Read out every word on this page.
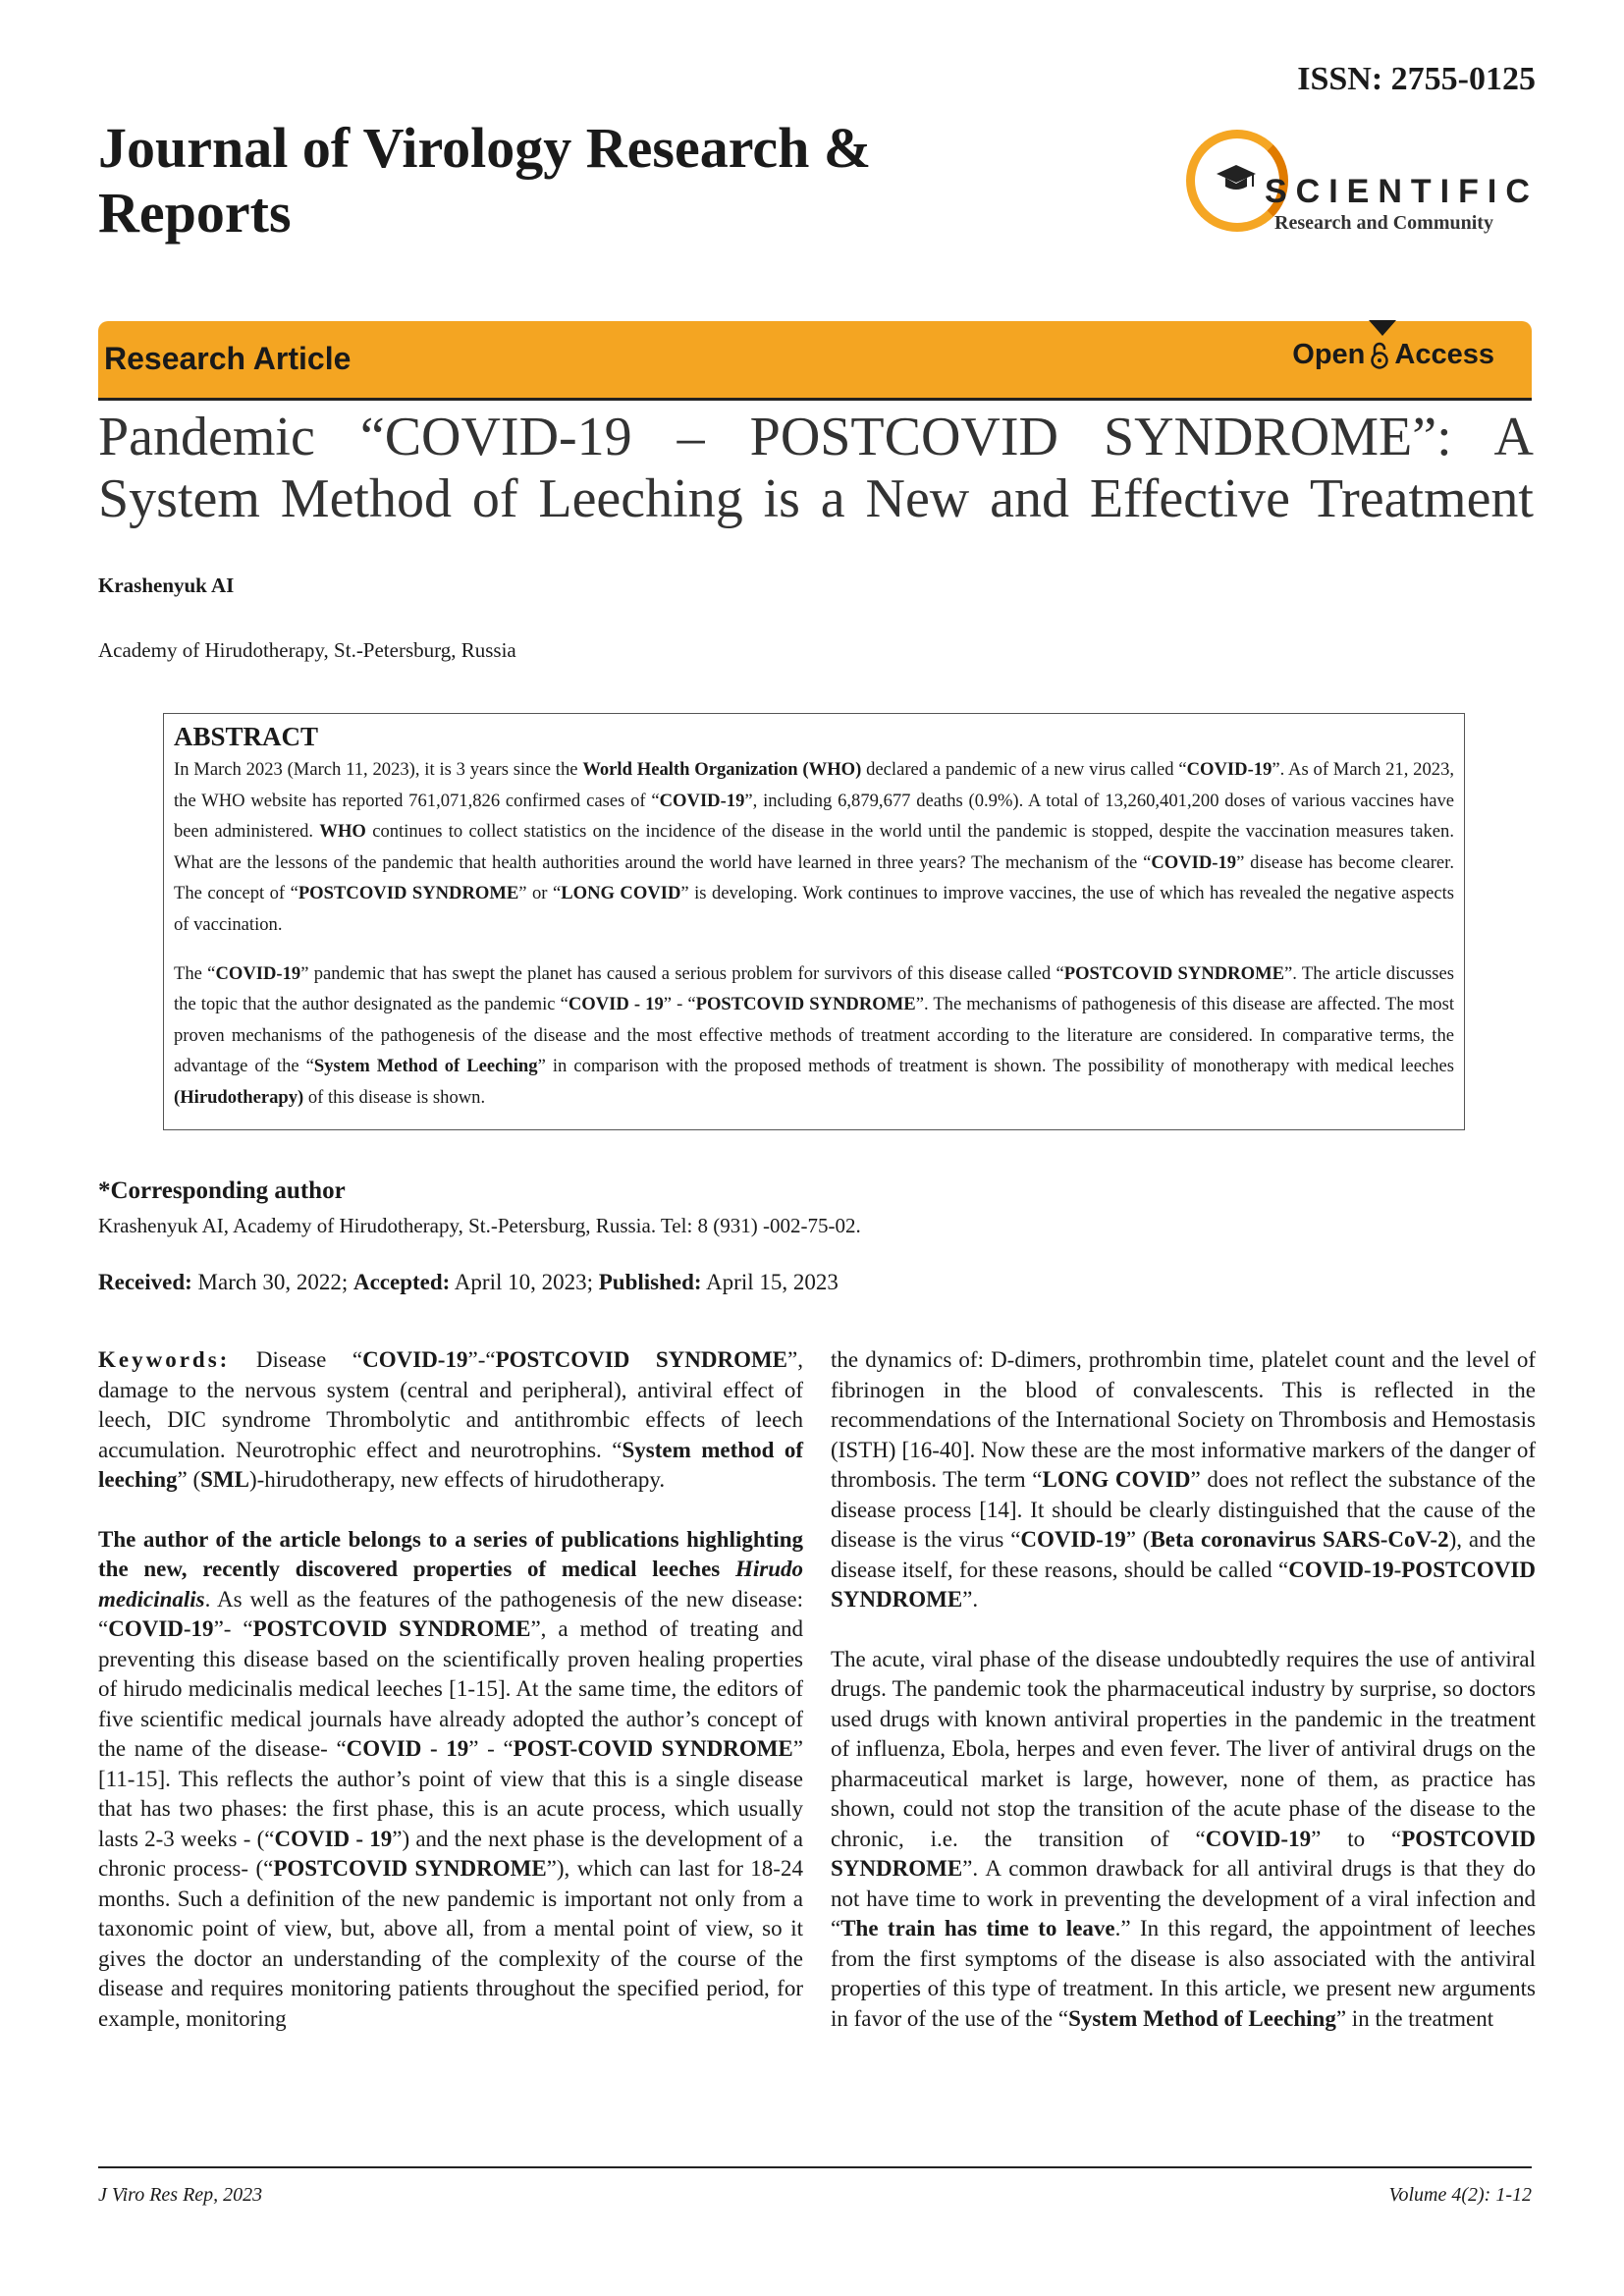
ISSN: 2755-0125
Journal of Virology Research & Reports	SCIENTIFIC
Research and Community
Research Article	Open Access
Pandemic “COVID-19 – POSTCOVID SYNDROME”: A System Method of Leeching is a New and Effective Treatment
Krashenyuk AI
Academy of Hirudotherapy, St.-Petersburg, Russia
ABSTRACT

In March 2023 (March 11, 2023), it is 3 years since the World Health Organization (WHO) declared a pandemic of a new virus called “COVID-19”. As of March 21, 2023, the WHO website has reported 761,071,826 confirmed cases of “COVID-19”, including 6,879,677 deaths (0.9%). A total of 13,260,401,200 doses of various vaccines have been administered. WHO continues to collect statistics on the incidence of the disease in the world until the pandemic is stopped, despite the vaccination measures taken. What are the lessons of the pandemic that health authorities around the world have learned in three years? The mechanism of the “COVID-19” disease has become clearer. The concept of “POSTCOVID SYNDROME” or “LONG COVID” is developing. Work continues to improve vaccines, the use of which has revealed the negative aspects of vaccination.

The “COVID-19” pandemic that has swept the planet has caused a serious problem for survivors of this disease called “POSTCOVID SYNDROME”. The article discusses the topic that the author designated as the pandemic “COVID - 19” - “POSTCOVID SYNDROME”. The mechanisms of pathogenesis of this disease are affected. The most proven mechanisms of the pathogenesis of the disease and the most effective methods of treatment according to the literature are considered. In comparative terms, the advantage of the “System Method of Leeching” in comparison with the proposed methods of treatment is shown. The possibility of monotherapy with medical leeches (Hirudotherapy) of this disease is shown.

*Corresponding author
Krashenyuk AI, Academy of Hirudotherapy, St.-Petersburg, Russia. Tel: 8 (931) -002-75-02.
Received: March 30, 2022; Accepted: April 10, 2023; Published: April 15, 2023

Keywords: Disease “COVID-19”-“POSTCOVID SYNDROME”, damage to the nervous system (central and peripheral), antiviral effect of leech, DIC syndrome Thrombolytic and antithrombic effects of leech accumulation. Neurotrophic effect and neurotrophins. “System method of leeching” (SML)-hirudotherapy, new effects of hirudotherapy.

The author of the article belongs to a series of publications highlighting the new, recently discovered properties of medical leeches Hirudo medicinalis. As well as the features of the pathogenesis of the new disease: “COVID-19”- “POSTCOVID SYNDROME”, a method of treating and preventing this disease based on the scientifically proven healing properties of hirudo medicinalis medical leeches [1-15]. At the same time, the editors of five scientific medical journals have already adopted the author’s concept of the name of the disease- “COVID - 19” - “POST-COVID SYNDROME” [11-15]. This reflects the author’s point of view that this is a single disease that has two phases: the first phase, this is an acute process, which usually lasts 2-3 weeks - (“COVID - 19”) and the next phase is the development of a chronic process- (“POSTCOVID SYNDROME”), which can last for 18-24 months. Such a definition of the new pandemic is important not only from a taxonomic point of view, but, above all, from a mental point of view, so it gives the doctor an understanding of the complexity of the course of the disease and requires monitoring patients throughout the specified period, for example, monitoring

the dynamics of: D-dimers, prothrombin time, platelet count and the level of fibrinogen in the blood of convalescents. This is reflected in the recommendations of the International Society on Thrombosis and Hemostasis (ISTH) [16-40]. Now these are the most informative markers of the danger of thrombosis. The term “LONG COVID” does not reflect the substance of the disease process [14]. It should be clearly distinguished that the cause of the disease is the virus “COVID-19” (Beta coronavirus SARS-CoV-2), and the disease itself, for these reasons, should be called “COVID-19-POSTCOVID SYNDROME”.

The acute, viral phase of the disease undoubtedly requires the use of antiviral drugs. The pandemic took the pharmaceutical industry by surprise, so doctors used drugs with known antiviral properties in the pandemic in the treatment of influenza, Ebola, herpes and even fever. The liver of antiviral drugs on the pharmaceutical market is large, however, none of them, as practice has shown, could not stop the transition of the acute phase of the disease to the chronic, i.e. the transition of “COVID-19” to “POSTCOVID SYNDROME”. A common drawback for all antiviral drugs is that they do not have time to work in preventing the development of a viral infection and “The train has time to leave.” In this regard, the appointment of leeches from the first symptoms of the disease is also associated with the antiviral properties of this type of treatment. In this article, we present new arguments in favor of the use of the “System Method of Leeching” in the treatment

J Viro Res Rep, 2023	Volume 4(2): 1-12
